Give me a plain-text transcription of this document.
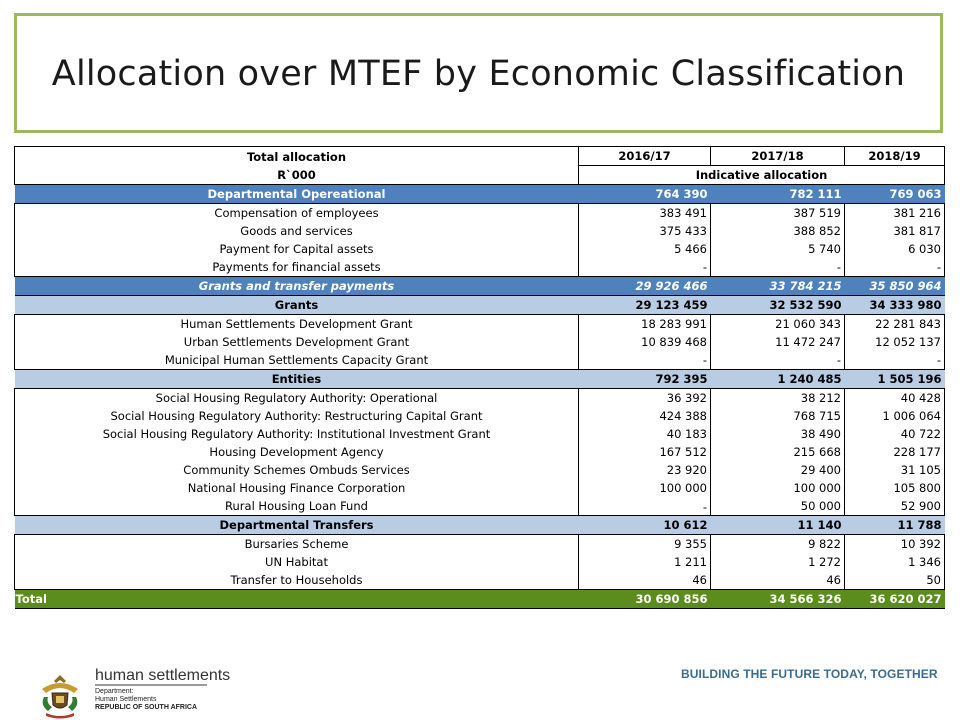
Allocation over MTEF by Economic Classification
Total allocation	2016/17	2017/18	2018/19
R`000	Indicative allocation		
Departmental Opereational	764 390	782 111	769 063
Compensation of employees	383 491	387 519	381 216
Goods and services	375 433	388 852	381 817
Payment for Capital assets	5 466	5 740	6 030
Payments for financial assets	-	-	-
Grants and transfer payments	29 926 466	33 784 215	35 850 964
Grants	29 123 459	32 532 590	34 333 980
Human Settlements Development Grant	18 283 991	21 060 343	22 281 843
Urban Settlements Development Grant	10 839 468	11 472 247	12 052 137
Municipal Human Settlements Capacity Grant	-	-	-
Entities	792 395	1 240 485	1 505 196
Social Housing Regulatory Authority: Operational	36 392	38 212	40 428
Social Housing Regulatory Authority: Restructuring Capital Grant	424 388	768 715	1 006 064
Social Housing Regulatory Authority: Institutional Investment Grant	40 183	38 490	40 722
Housing Development Agency	167 512	215 668	228 177
Community Schemes Ombuds Services	23 920	29 400	31 105
National Housing Finance Corporation	100 000	100 000	105 800
Rural Housing Loan Fund	-	50 000	52 900
Departmental Transfers	10 612	11 140	11 788
Bursaries Scheme	9 355	9 822	10 392
UN Habitat	1 211	1 272	1 346
Transfer to Households	46	46	50
Total	30 690 856	34 566 326	36 620 027
human settlements
Department:
Human Settlements
REPUBLIC OF SOUTH AFRICA
BUILDING THE FUTURE TODAY, TOGETHER
